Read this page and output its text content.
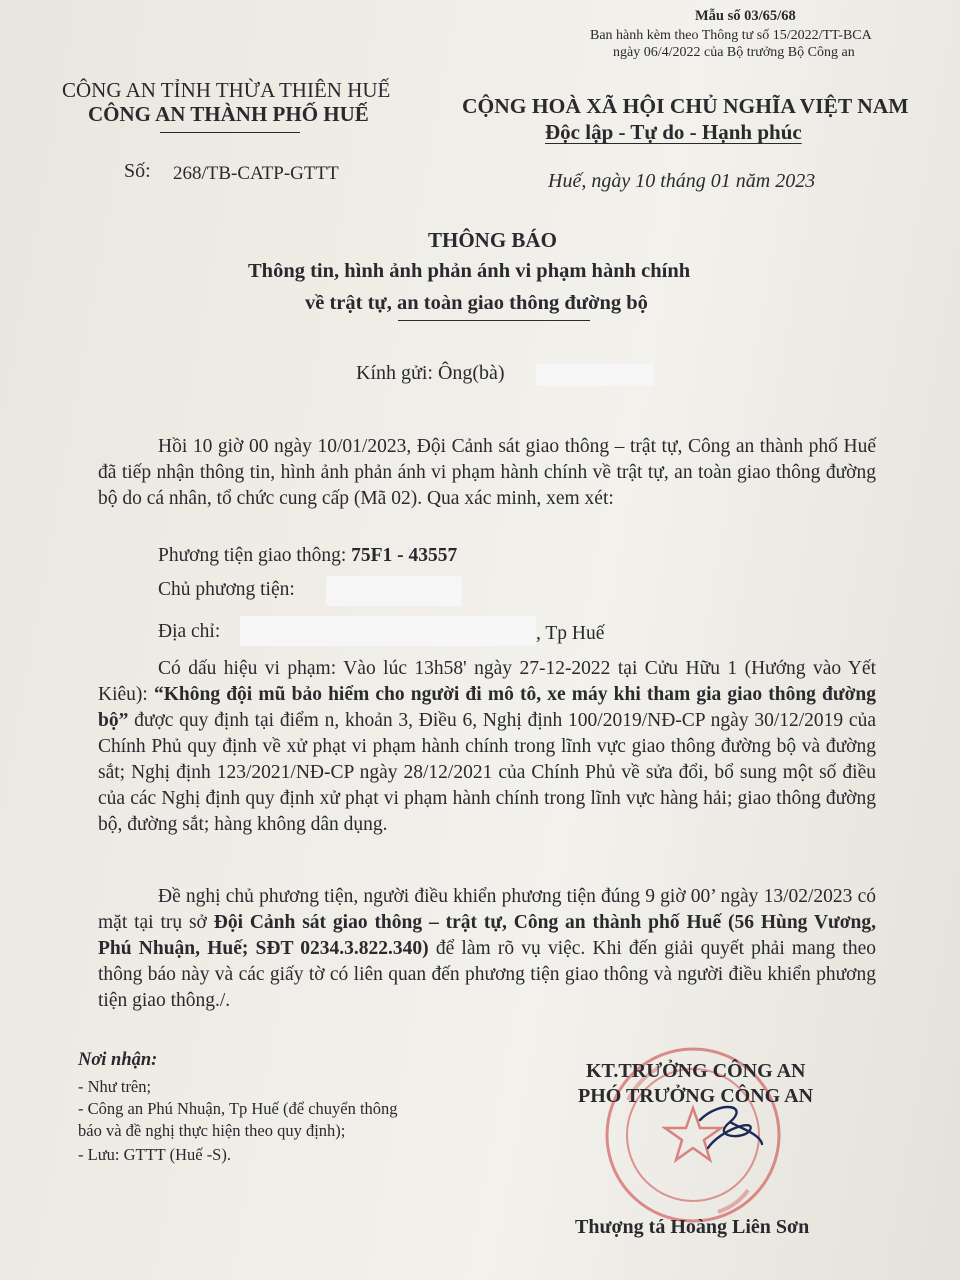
Mẫu số 03/65/68
Ban hành kèm theo Thông tư số 15/2022/TT-BCA
ngày 06/4/2022 của Bộ trưởng Bộ Công an
CÔNG AN TỈNH THỪA THIÊN HUẾ
CÔNG AN THÀNH PHỐ HUẾ
Số: 268/TB-CATP-GTTT
CỘNG HOÀ XÃ HỘI CHỦ NGHĨA VIỆT NAM
Độc lập - Tự do - Hạnh phúc
Huế, ngày 10 tháng 01 năm 2023
THÔNG BÁO
Thông tin, hình ảnh phản ánh vi phạm hành chính
về trật tự, an toàn giao thông đường bộ
Kính gửi: Ông(bà)
Hồi 10 giờ 00 ngày 10/01/2023, Đội Cảnh sát giao thông – trật tự, Công an thành phố Huế đã tiếp nhận thông tin, hình ảnh phản ánh vi phạm hành chính về trật tự, an toàn giao thông đường bộ do cá nhân, tổ chức cung cấp (Mã 02). Qua xác minh, xem xét:
Phương tiện giao thông: 75F1 - 43557
Chủ phương tiện:
Địa chỉ:	, Tp Huế
Có dấu hiệu vi phạm: Vào lúc 13h58' ngày 27-12-2022 tại Cửu Hữu 1 (Hướng vào Yết Kiêu): “Không đội mũ bảo hiểm cho người đi mô tô, xe máy khi tham gia giao thông đường bộ” được quy định tại điểm n, khoản 3, Điều 6, Nghị định 100/2019/NĐ-CP ngày 30/12/2019 của Chính Phủ quy định về xử phạt vi phạm hành chính trong lĩnh vực giao thông đường bộ và đường sắt; Nghị định 123/2021/NĐ-CP ngày 28/12/2021 của Chính Phủ về sửa đổi, bổ sung một số điều của các Nghị định quy định xử phạt vi phạm hành chính trong lĩnh vực hàng hải; giao thông đường bộ, đường sắt; hàng không dân dụng.
Đề nghị chủ phương tiện, người điều khiển phương tiện đúng 9 giờ 00’ ngày 13/02/2023 có mặt tại trụ sở Đội Cảnh sát giao thông – trật tự, Công an thành phố Huế (56 Hùng Vương, Phú Nhuận, Huế; SĐT 0234.3.822.340) để làm rõ vụ việc. Khi đến giải quyết phải mang theo thông báo này và các giấy tờ có liên quan đến phương tiện giao thông và người điều khiển phương tiện giao thông./.
Nơi nhận:
- Như trên;
- Công an Phú Nhuận, Tp Huế (để chuyển thông
báo và đề nghị thực hiện theo quy định);
- Lưu: GTTT (Huế -S).
KT.TRƯỞNG CÔNG AN
PHÓ TRƯỞNG CÔNG AN
Thượng tá Hoàng Liên Sơn
